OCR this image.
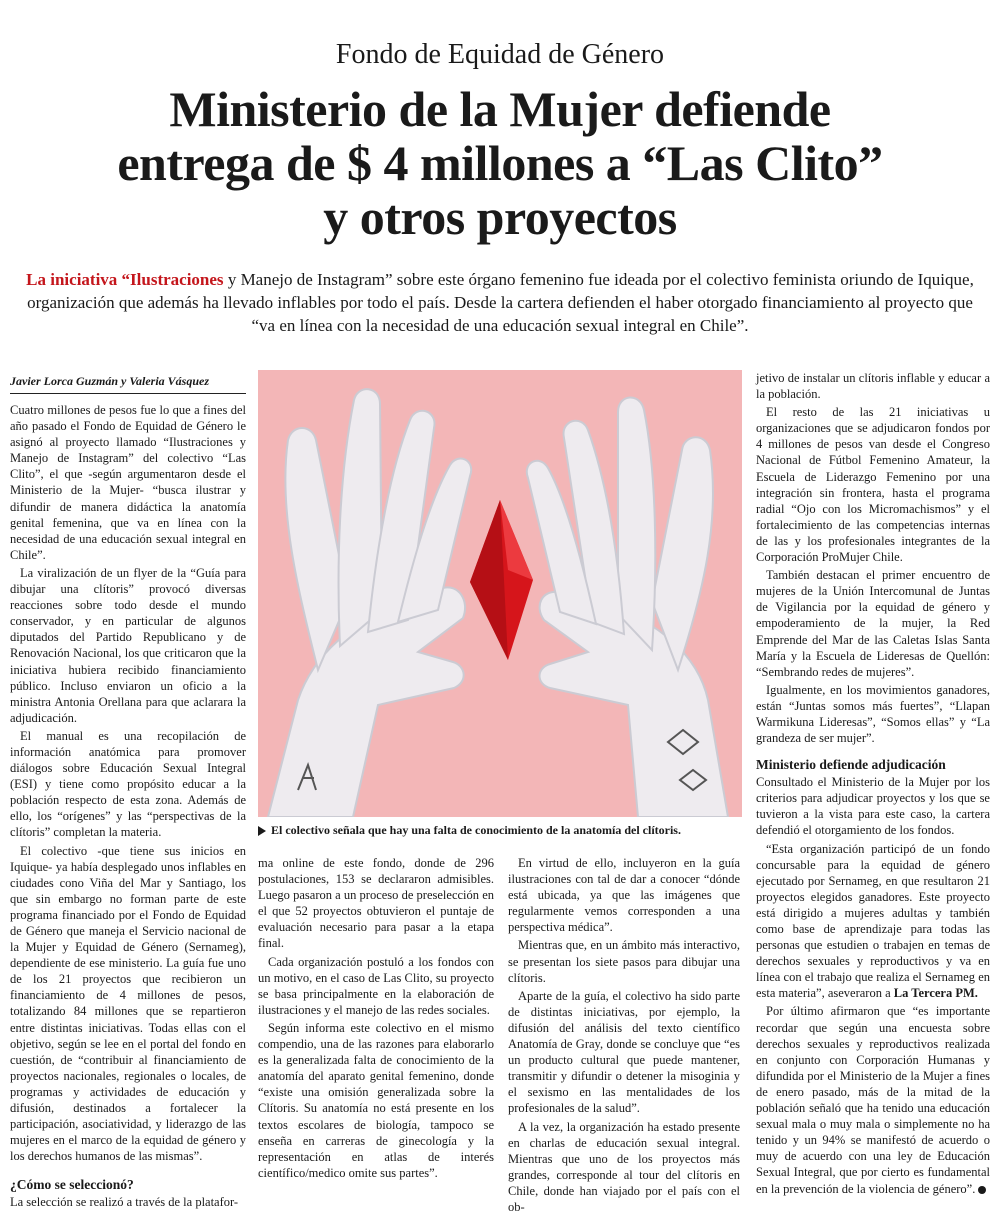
Fondo de Equidad de Género
Ministerio de la Mujer defiende
entrega de $ 4 millones a “Las Clito”
y otros proyectos
La iniciativa “Ilustraciones y Manejo de Instagram” sobre este órgano femenino fue ideada por el colectivo feminista oriundo de Iquique, organización que además ha llevado inflables por todo el país. Desde la cartera defienden el haber otorgado financiamiento al proyecto que “va en línea con la necesidad de una educación sexual integral en Chile”.
Javier Lorca Guzmán y Valeria Vásquez

Cuatro millones de pesos fue lo que a fines del año pasado el Fondo de Equidad de Género le asignó al proyecto llamado “Ilustraciones y Manejo de Instagram” del colectivo “Las Clito”, el que -según argumentaron desde el Ministerio de la Mujer- “busca ilustrar y difundir de manera didáctica la anatomía genital femenina, que va en línea con la necesidad de una educación sexual integral en Chile”.

La viralización de un flyer de la “Guía para dibujar una clítoris” provocó diversas reacciones sobre todo desde el mundo conservador, y en particular de algunos diputados del Partido Republicano y de Renovación Nacional, los que criticaron que la iniciativa hubiera recibido financiamiento público. Incluso enviaron un oficio a la ministra Antonia Orellana para que aclarara la adjudicación.

El manual es una recopilación de información anatómica para promover diálogos sobre Educación Sexual Integral (ESI) y tiene como propósito educar a la población respecto de esta zona. Además de ello, los “orígenes” y las “perspectivas de la clítoris” completan la materia.

El colectivo -que tiene sus inicios en Iquique- ya había desplegado unos inflables en ciudades cono Viña del Mar y Santiago, los que sin embargo no forman parte de este programa financiado por el Fondo de Equidad de Género que maneja el Servicio nacional de la Mujer y Equidad de Género (Sernameg), dependiente de ese ministerio. La guía fue uno de los 21 proyectos que recibieron un financiamiento de 4 millones de pesos, totalizando 84 millones que se repartieron entre distintas iniciativas. Todas ellas con el objetivo, según se lee en el portal del fondo en cuestión, de “contribuir al financiamiento de proyectos nacionales, regionales o locales, de programas y actividades de educación y difusión, destinados a fortalecer la participación, asociatividad, y liderazgo de las mujeres en el marco de la equidad de género y los derechos humanos de las mismas”.

¿Cómo se seleccionó?

La selección se realizó a través de la platafor-

El colectivo señala que hay una falta de conocimiento de la anatomía del clítoris.

ma online de este fondo, donde de 296 postulaciones, 153 se declararon admisibles. Luego pasaron a un proceso de preselección en el que 52 proyectos obtuvieron el puntaje de evaluación necesario para pasar a la etapa final.

Cada organización postuló a los fondos con un motivo, en el caso de Las Clito, su proyecto se basa principalmente en la elaboración de ilustraciones y el manejo de las redes sociales.

Según informa este colectivo en el mismo compendio, una de las razones para elaborarlo es la generalizada falta de conocimiento de la anatomía del aparato genital femenino, donde “existe una omisión generalizada sobre la Clítoris. Su anatomía no está presente en los textos escolares de biología, tampoco se enseña en carreras de ginecología y la representación en atlas de interés científico/medico omite sus partes”.

En virtud de ello, incluyeron en la guía ilustraciones con tal de dar a conocer “dónde está ubicada, ya que las imágenes que regularmente vemos corresponden a una perspectiva médica”.

Mientras que, en un ámbito más interactivo, se presentan los siete pasos para dibujar una clítoris.

Aparte de la guía, el colectivo ha sido parte de distintas iniciativas, por ejemplo, la difusión del análisis del texto científico Anatomía de Gray, donde se concluye que “es un producto cultural que puede mantener, transmitir y difundir o detener la misoginia y el sexismo en las mentalidades de los profesionales de la salud”.

A la vez, la organización ha estado presente en charlas de educación sexual integral. Mientras que uno de los proyectos más grandes, corresponde al tour del clítoris en Chile, donde han viajado por el país con el ob-

jetivo de instalar un clítoris inflable y educar a la población.

El resto de las 21 iniciativas u organizaciones que se adjudicaron fondos por 4 millones de pesos van desde el Congreso Nacional de Fútbol Femenino Amateur, la Escuela de Liderazgo Femenino por una integración sin frontera, hasta el programa radial “Ojo con los Micromachismos” y el fortalecimiento de las competencias internas de las y los profesionales integrantes de la Corporación ProMujer Chile.

También destacan el primer encuentro de mujeres de la Unión Intercomunal de Juntas de Vigilancia por la equidad de género y empoderamiento de la mujer, la Red Emprende del Mar de las Caletas Islas Santa María y la Escuela de Lideresas de Quellón: “Sembrando redes de mujeres”.

Igualmente, en los movimientos ganadores, están “Juntas somos más fuertes”, “Llapan Warmikuna Lideresas”, “Somos ellas” y “La grandeza de ser mujer”.

Ministerio defiende adjudicación

Consultado el Ministerio de la Mujer por los criterios para adjudicar proyectos y los que se tuvieron a la vista para este caso, la cartera defendió el otorgamiento de los fondos.

“Esta organización participó de un fondo concursable para la equidad de género ejecutado por Sernameg, en que resultaron 21 proyectos elegidos ganadores. Este proyecto está dirigido a mujeres adultas y también como base de aprendizaje para todas las personas que estudien o trabajen en temas de derechos sexuales y reproductivos y va en línea con el trabajo que realiza el Sernameg en esta materia”, aseveraron a La Tercera PM.

Por último afirmaron que “es importante recordar que según una encuesta sobre derechos sexuales y reproductivos realizada en conjunto con Corporación Humanas y difundida por el Ministerio de la Mujer a fines de enero pasado, más de la mitad de la población señaló que ha tenido una educación sexual mala o muy mala o simplemente no ha tenido y un 94% se manifestó de acuerdo o muy de acuerdo con una ley de Educación Sexual Integral, que por cierto es fundamental en la prevención de la violencia de género”.
